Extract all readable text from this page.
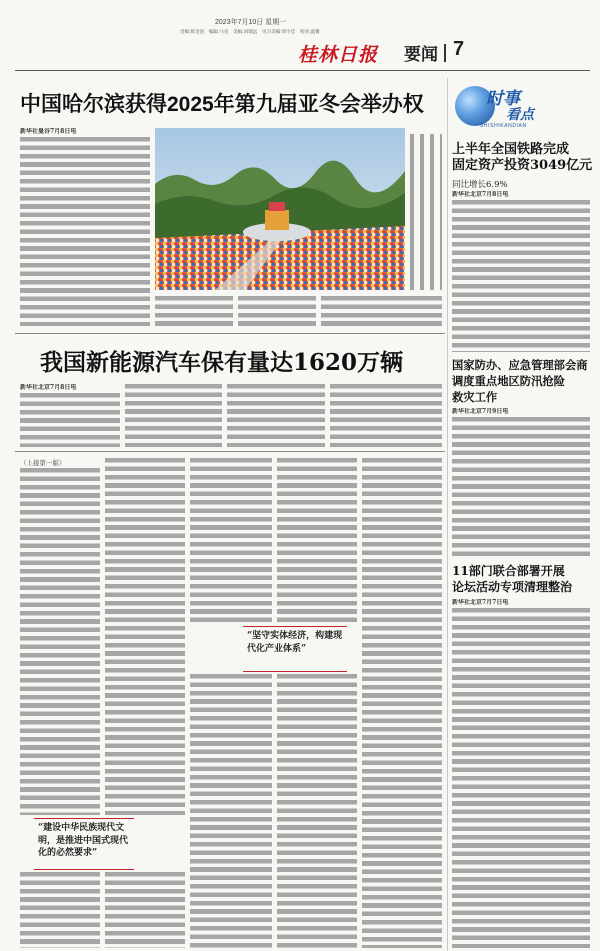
2023年7月10日 星期一
责编:陈金国　编辑:马克　美编:刘瑞远　见习美编:周宇佳　校对:温馨
桂林日报 要闻 7
中国哈尔滨获得2025年第九届亚冬会举办权
新华社曼谷7月8日电
我国新能源汽车保有量达1620万辆
新华社北京7月8日电
（上接第一版）
“建设中华民族现代文明，是推进中国式现代化的必然要求”
“坚守实体经济，构建现代化产业体系”
时事
看点
SHISHIKANDIAN
上半年全国铁路完成
固定资产投资3049亿元
同比增长6.9%
新华社北京7月8日电
国家防办、应急管理部会商
调度重点地区防汛抢险
救灾工作
新华社北京7月9日电
11部门联合部署开展
论坛活动专项清理整治
新华社北京7月7日电
